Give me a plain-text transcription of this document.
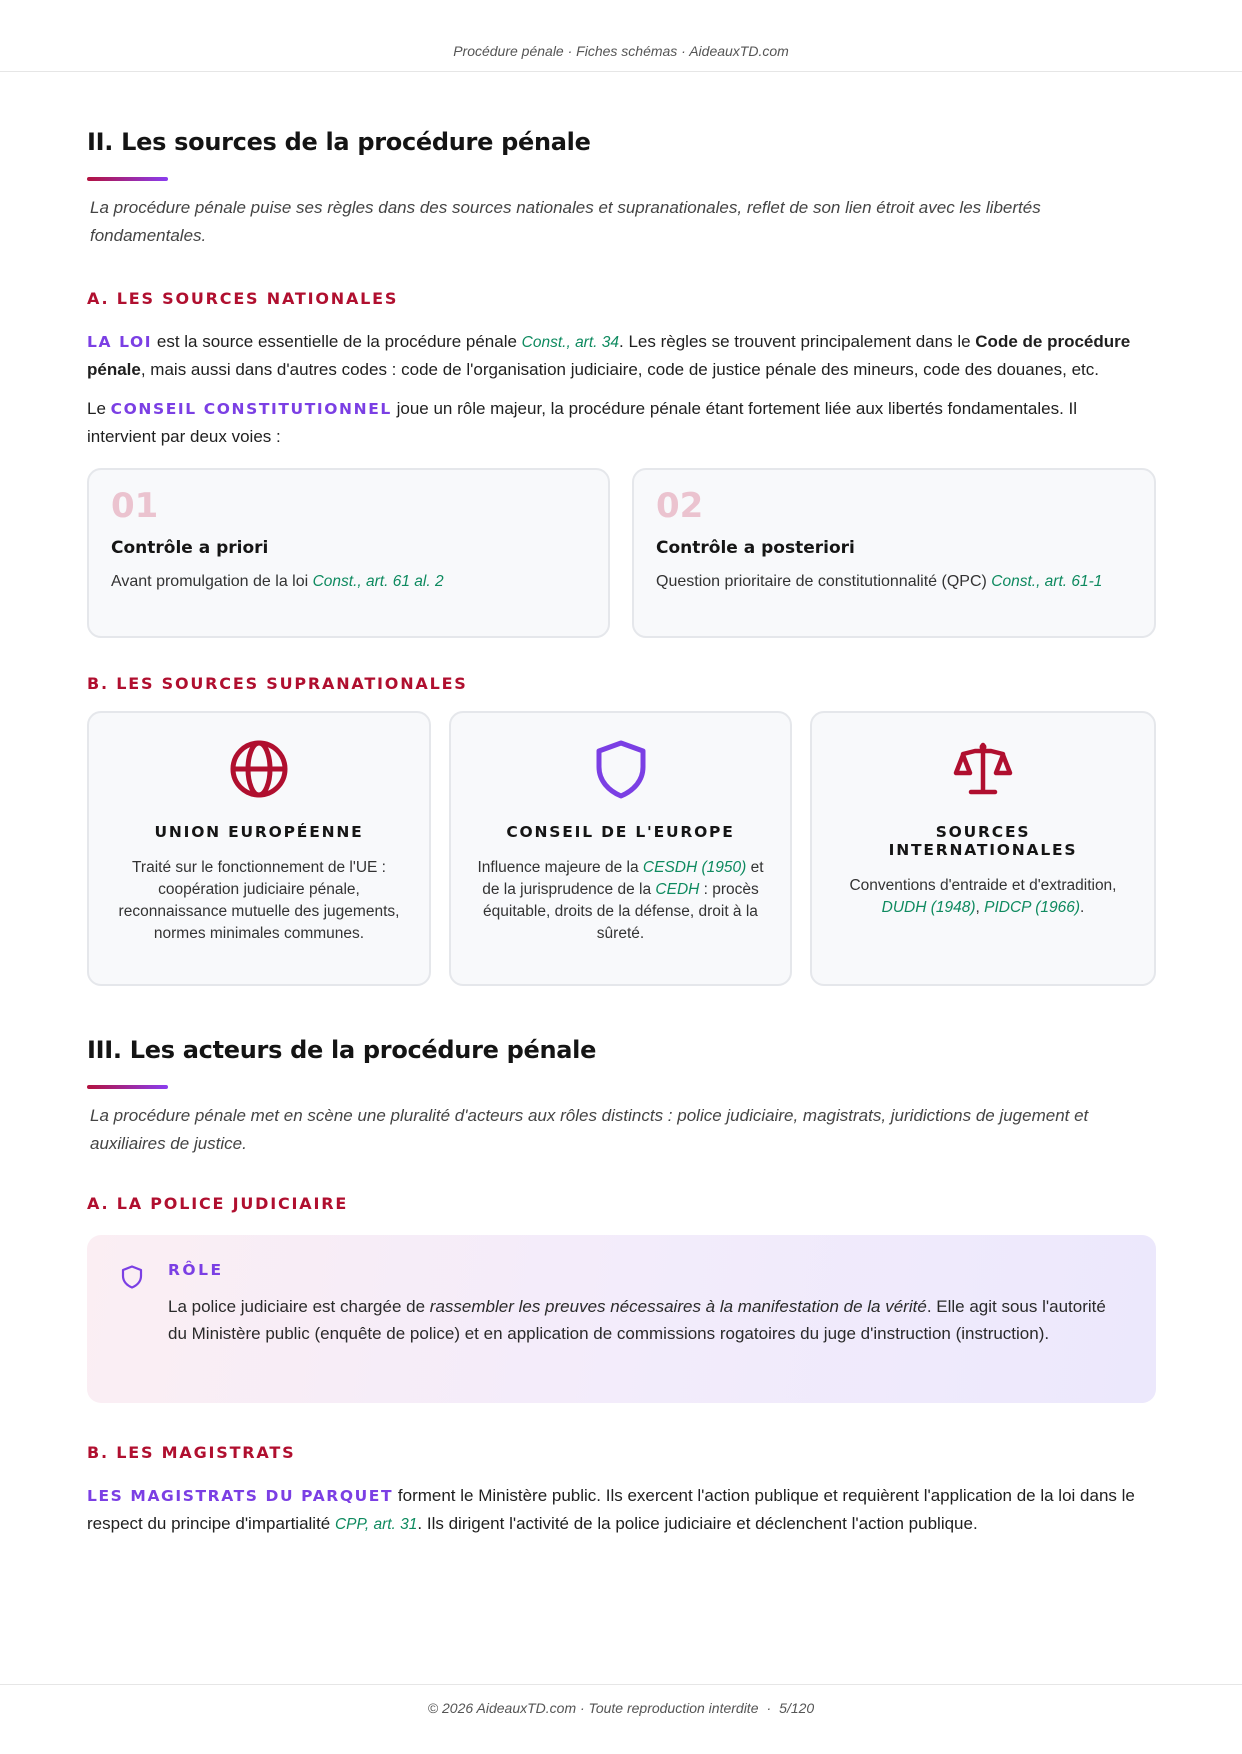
Procédure pénale · Fiches schémas · AideauxTD.com
II. Les sources de la procédure pénale

La procédure pénale puise ses règles dans des sources nationales et supranationales, reflet de son lien étroit avec les libertés fondamentales.

A. LES SOURCES NATIONALES

LA LOI est la source essentielle de la procédure pénale Const., art. 34. Les règles se trouvent principalement dans le Code de procédure pénale, mais aussi dans d'autres codes : code de l'organisation judiciaire, code de justice pénale des mineurs, code des douanes, etc.

Le CONSEIL CONSTITUTIONNEL joue un rôle majeur, la procédure pénale étant fortement liée aux libertés fondamentales. Il intervient par deux voies :

01
Contrôle a priori
Avant promulgation de la loi Const., art. 61 al. 2
02
Contrôle a posteriori
Question prioritaire de constitutionnalité (QPC) Const., art. 61-1
B. LES SOURCES SUPRANATIONALES
UNION EUROPÉENNE
Traité sur le fonctionnement de l'UE : coopération judiciaire pénale, reconnaissance mutuelle des jugements, normes minimales communes.
CONSEIL DE L'EUROPE
Influence majeure de la CESDH (1950) et de la jurisprudence de la CEDH : procès équitable, droits de la défense, droit à la sûreté.
SOURCES INTERNATIONALES
Conventions d'entraide et d'extradition, DUDH (1948), PIDCP (1966).
III. Les acteurs de la procédure pénale

La procédure pénale met en scène une pluralité d'acteurs aux rôles distincts : police judiciaire, magistrats, juridictions de jugement et auxiliaires de justice.

A. LA POLICE JUDICIAIRE
RÔLE
La police judiciaire est chargée de rassembler les preuves nécessaires à la manifestation de la vérité. Elle agit sous l'autorité du Ministère public (enquête de police) et en application de commissions rogatoires du juge d'instruction (instruction).
B. LES MAGISTRATS

LES MAGISTRATS DU PARQUET forment le Ministère public. Ils exercent l'action publique et requièrent l'application de la loi dans le respect du principe d'impartialité CPP, art. 31. Ils dirigent l'activité de la police judiciaire et déclenchent l'action publique.

© 2026 AideauxTD.com · Toute reproduction interdite · 5/120
